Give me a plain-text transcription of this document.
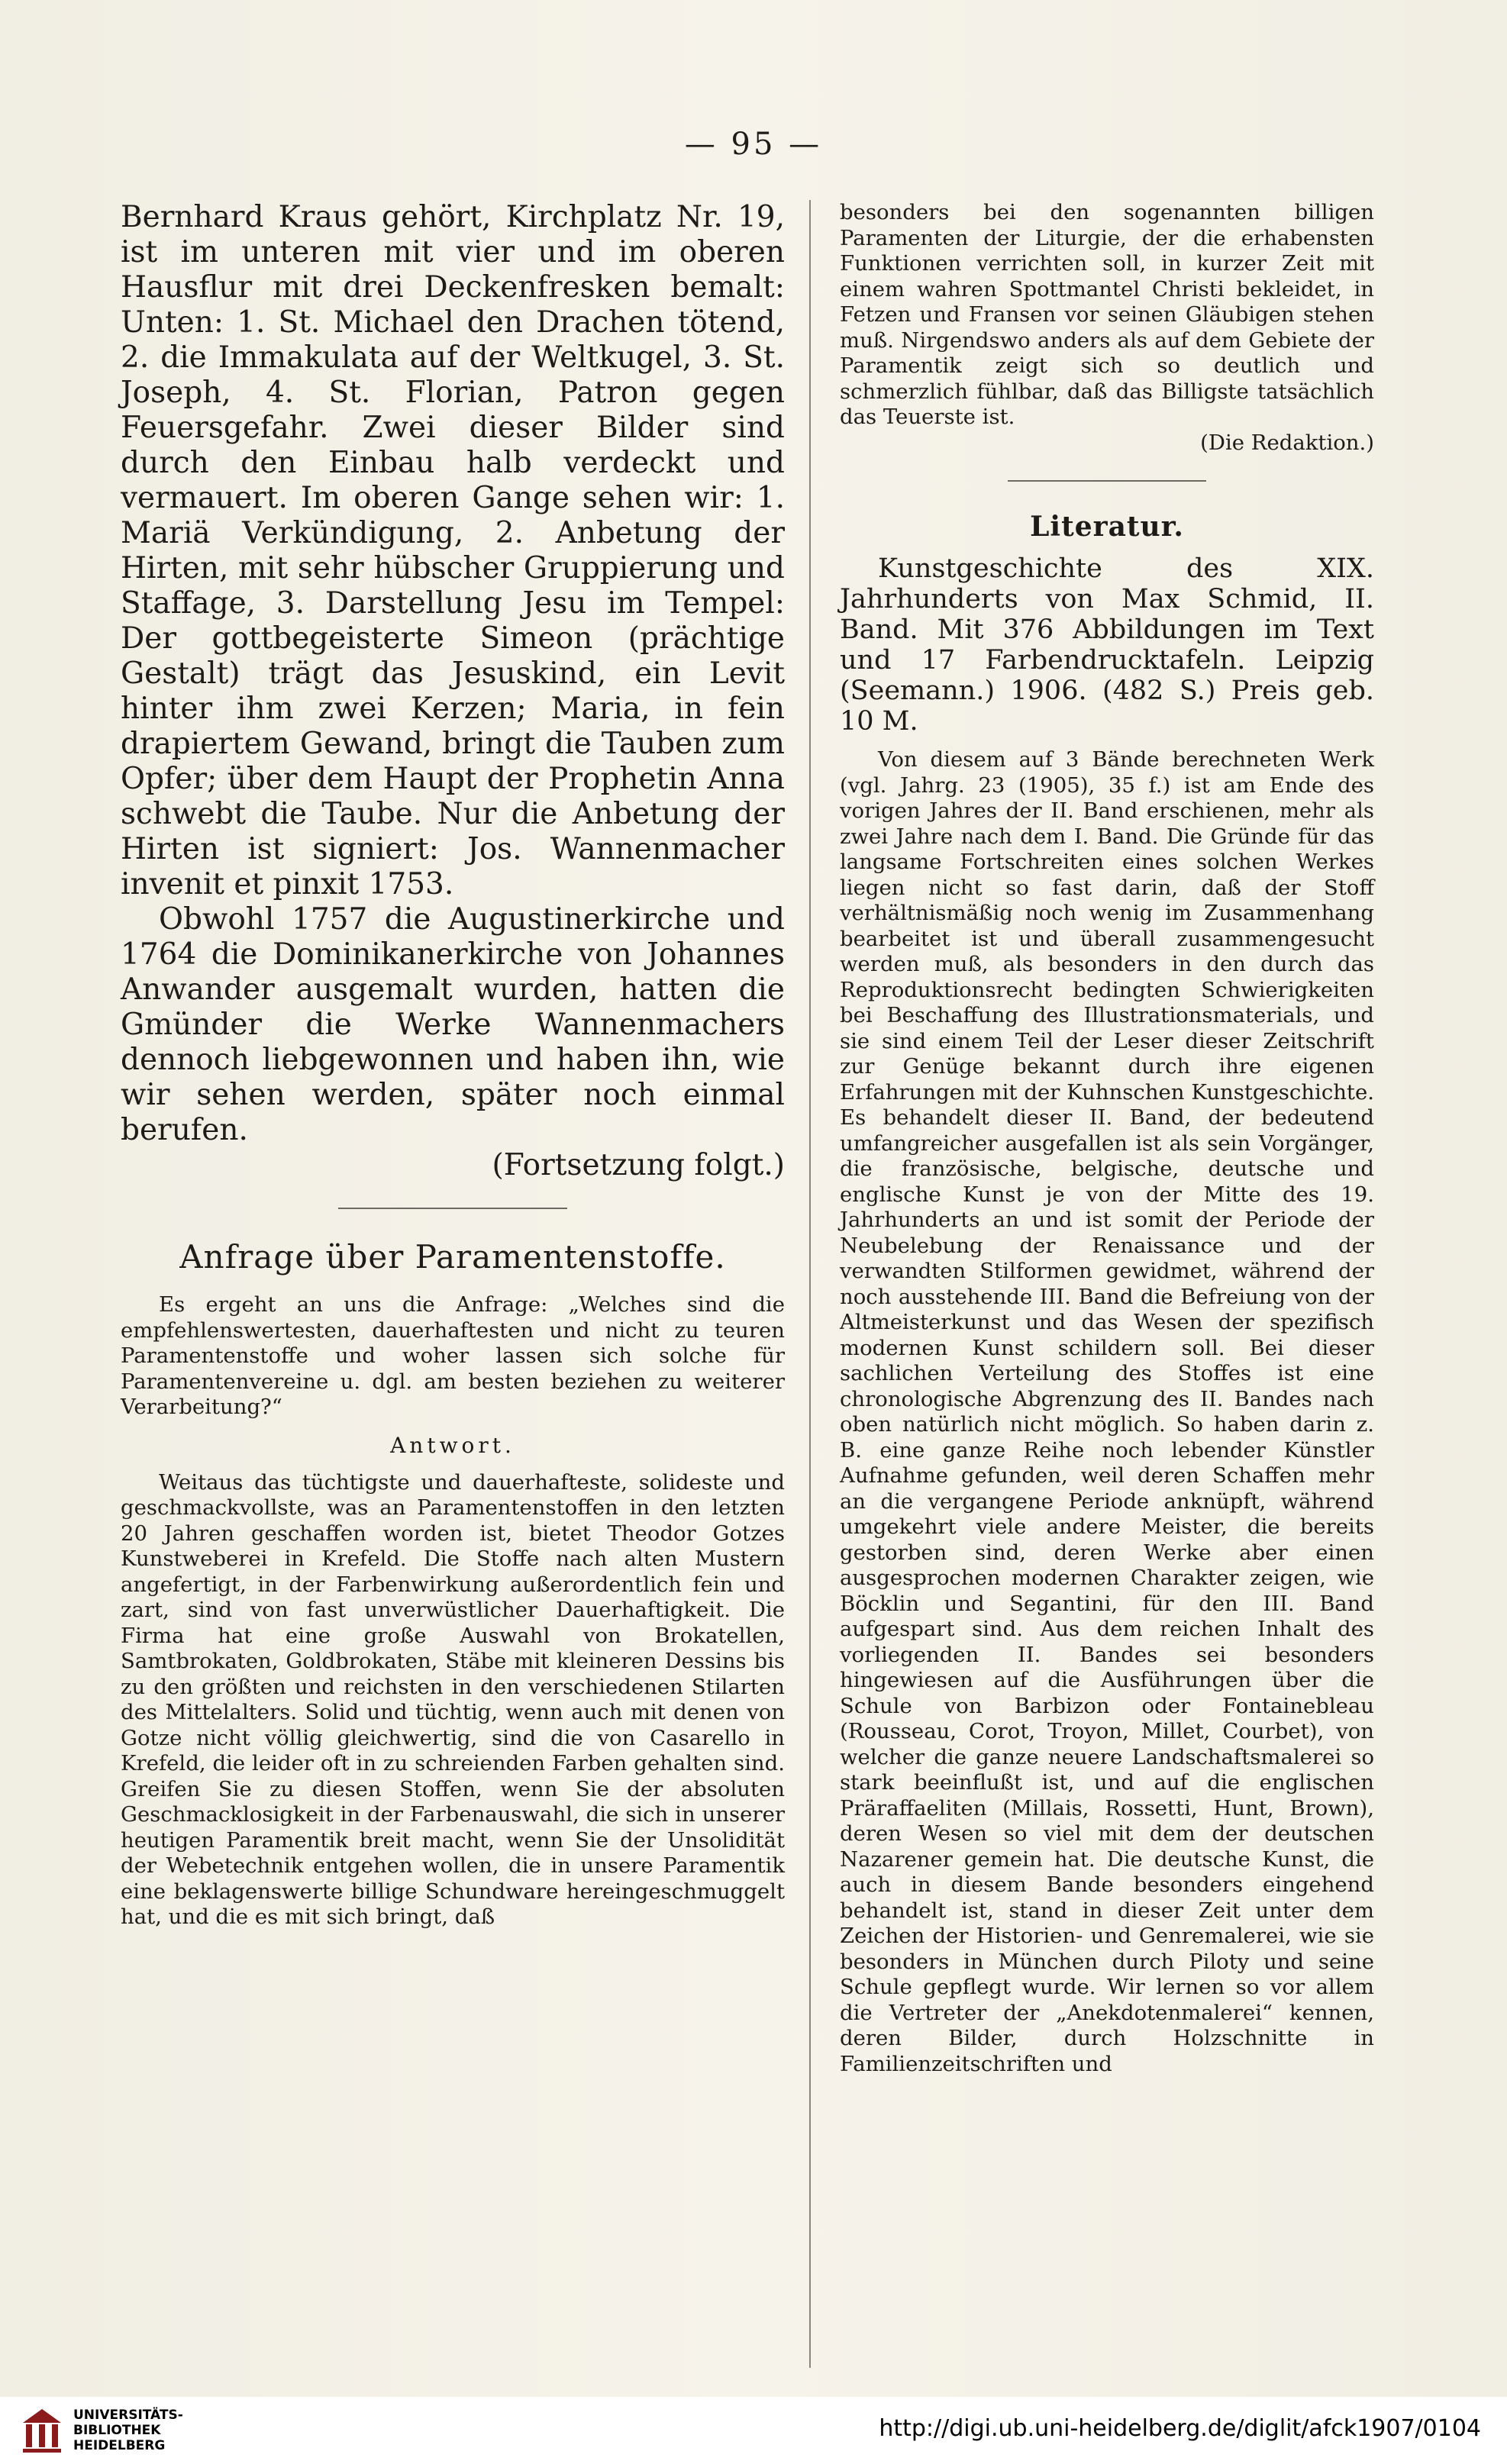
— 95 —

Bernhard Kraus gehört, Kirchplatz Nr. 19, ist im unteren mit vier und im oberen Hausflur mit drei Deckenfresken bemalt: Unten: 1. St. Michael den Drachen tötend, 2. die Immakulata auf der Weltkugel, 3. St. Joseph, 4. St. Florian, Patron gegen Feuersgefahr. Zwei dieser Bilder sind durch den Einbau halb verdeckt und vermauert. Im oberen Gange sehen wir: 1. Mariä Verkündigung, 2. Anbetung der Hirten, mit sehr hübscher Gruppierung und Staffage, 3. Darstellung Jesu im Tempel: Der gottbegeisterte Simeon (prächtige Gestalt) trägt das Jesuskind, ein Levit hinter ihm zwei Kerzen; Maria, in fein drapiertem Gewand, bringt die Tauben zum Opfer; über dem Haupt der Prophetin Anna schwebt die Taube. Nur die Anbetung der Hirten ist signiert: Jos. Wannenmacher invenit et pinxit 1753.

Obwohl 1757 die Augustinerkirche und 1764 die Dominikanerkirche von Johannes Anwander ausgemalt wurden, hatten die Gmünder die Werke Wannenmachers dennoch liebgewonnen und haben ihn, wie wir sehen werden, später noch einmal berufen.

(Fortsetzung folgt.)

Anfrage über Paramentenstoffe.

Es ergeht an uns die Anfrage: „Welches sind die empfehlenswertesten, dauerhaftesten und nicht zu teuren Paramentenstoffe und woher lassen sich solche für Paramentenvereine u. dgl. am besten beziehen zu weiterer Verarbeitung?“

Antwort.

Weitaus das tüchtigste und dauerhafteste, solideste und geschmackvollste, was an Paramentenstoffen in den letzten 20 Jahren geschaffen worden ist, bietet Theodor Gotzes Kunstweberei in Krefeld. Die Stoffe nach alten Mustern angefertigt, in der Farbenwirkung außerordentlich fein und zart, sind von fast unverwüstlicher Dauerhaftigkeit. Die Firma hat eine große Auswahl von Brokatellen, Samtbrokaten, Goldbrokaten, Stäbe mit kleineren Dessins bis zu den größten und reichsten in den verschiedenen Stilarten des Mittelalters. Solid und tüchtig, wenn auch mit denen von Gotze nicht völlig gleichwertig, sind die von Casarello in Krefeld, die leider oft in zu schreienden Farben gehalten sind. Greifen Sie zu diesen Stoffen, wenn Sie der absoluten Geschmacklosigkeit in der Farbenauswahl, die sich in unserer heutigen Paramentik breit macht, wenn Sie der Unsolidität der Webetechnik entgehen wollen, die in unsere Paramentik eine beklagenswerte billige Schundware hereingeschmuggelt hat, und die es mit sich bringt, daß

besonders bei den sogenannten billigen Paramenten der Liturgie, der die erhabensten Funktionen verrichten soll, in kurzer Zeit mit einem wahren Spottmantel Christi bekleidet, in Fetzen und Fransen vor seinen Gläubigen stehen muß. Nirgendswo anders als auf dem Gebiete der Paramentik zeigt sich so deutlich und schmerzlich fühlbar, daß das Billigste tatsächlich das Teuerste ist.

(Die Redaktion.)

Literatur.

Kunstgeschichte des XIX. Jahrhunderts von Max Schmid, II. Band. Mit 376 Abbildungen im Text und 17 Farbendrucktafeln. Leipzig (Seemann.) 1906. (482 S.) Preis geb. 10 M.

Von diesem auf 3 Bände berechneten Werk (vgl. Jahrg. 23 (1905), 35 f.) ist am Ende des vorigen Jahres der II. Band erschienen, mehr als zwei Jahre nach dem I. Band. Die Gründe für das langsame Fortschreiten eines solchen Werkes liegen nicht so fast darin, daß der Stoff verhältnismäßig noch wenig im Zusammenhang bearbeitet ist und überall zusammengesucht werden muß, als besonders in den durch das Reproduktionsrecht bedingten Schwierigkeiten bei Beschaffung des Illustrationsmaterials, und sie sind einem Teil der Leser dieser Zeitschrift zur Genüge bekannt durch ihre eigenen Erfahrungen mit der Kuhnschen Kunstgeschichte. Es behandelt dieser II. Band, der bedeutend umfangreicher ausgefallen ist als sein Vorgänger, die französische, belgische, deutsche und englische Kunst je von der Mitte des 19. Jahrhunderts an und ist somit der Periode der Neubelebung der Renaissance und der verwandten Stilformen gewidmet, während der noch ausstehende III. Band die Befreiung von der Altmeisterkunst und das Wesen der spezifisch modernen Kunst schildern soll. Bei dieser sachlichen Verteilung des Stoffes ist eine chronologische Abgrenzung des II. Bandes nach oben natürlich nicht möglich. So haben darin z. B. eine ganze Reihe noch lebender Künstler Aufnahme gefunden, weil deren Schaffen mehr an die vergangene Periode anknüpft, während umgekehrt viele andere Meister, die bereits gestorben sind, deren Werke aber einen ausgesprochen modernen Charakter zeigen, wie Böcklin und Segantini, für den III. Band aufgespart sind. Aus dem reichen Inhalt des vorliegenden II. Bandes sei besonders hingewiesen auf die Ausführungen über die Schule von Barbizon oder Fontainebleau (Rousseau, Corot, Troyon, Millet, Courbet), von welcher die ganze neuere Landschaftsmalerei so stark beeinflußt ist, und auf die englischen Präraffaeliten (Millais, Rossetti, Hunt, Brown), deren Wesen so viel mit dem der deutschen Nazarener gemein hat. Die deutsche Kunst, die auch in diesem Bande besonders eingehend behandelt ist, stand in dieser Zeit unter dem Zeichen der Historien- und Genremalerei, wie sie besonders in München durch Piloty und seine Schule gepflegt wurde. Wir lernen so vor allem die Vertreter der „Anekdotenmalerei“ kennen, deren Bilder, durch Holzschnitte in Familienzeitschriften und

UNIVERSITÄTS-
BIBLIOTHEK
HEIDELBERG
http://digi.ub.uni-heidelberg.de/diglit/afck1907/0104
